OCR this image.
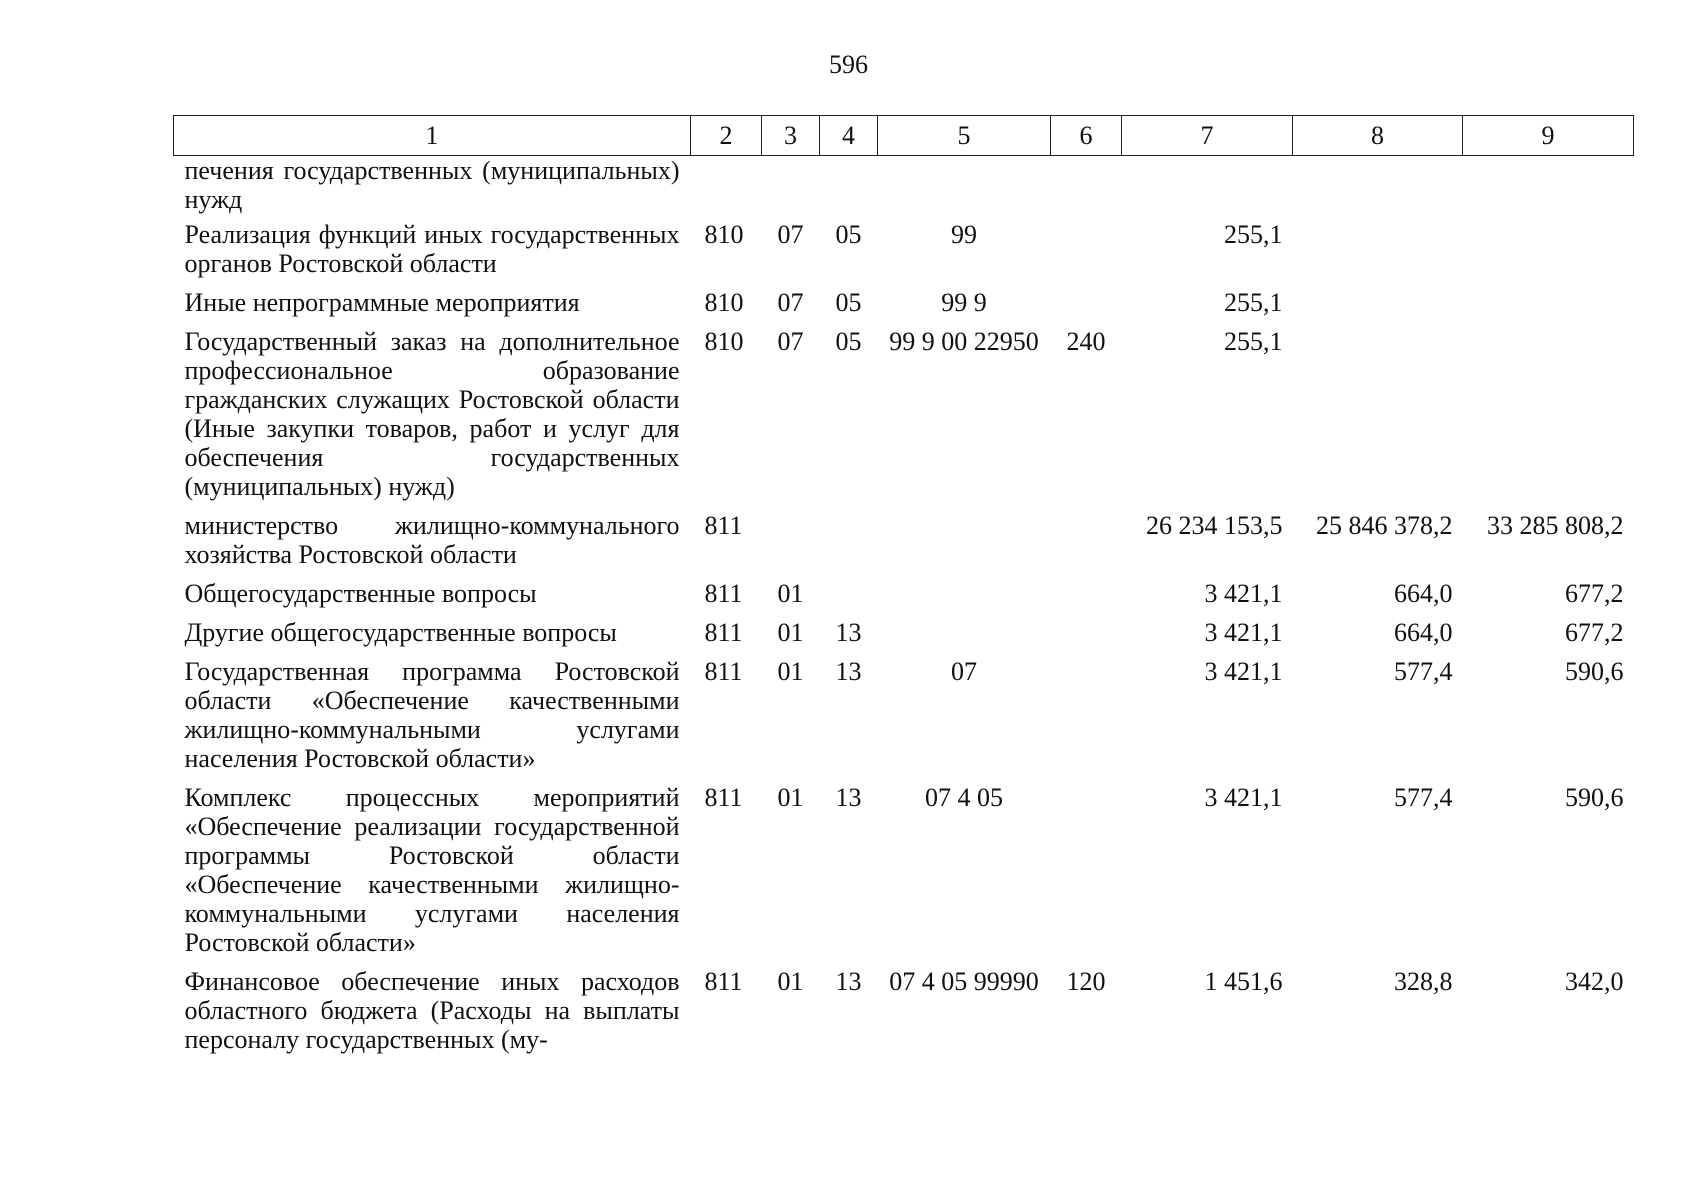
596
1	2	3	4	5	6	7	8	9
печения государственных (муниципальных) нужд								
Реализация функций иных государственных органов Ростовской области	810	07	05	99		255,1		
Иные непрограммные мероприятия	810	07	05	99 9		255,1		
Государственный заказ на дополнительное профессиональное образование гражданских служащих Ростовской области (Иные закупки товаров, работ и услуг для обеспечения государственных (муниципальных) нужд)	810	07	05	99 9 00 22950	240	255,1		
министерство жилищно-коммунального хозяйства Ростовской области	811					26 234 153,5	25 846 378,2	33 285 808,2
Общегосударственные вопросы	811	01				3 421,1	664,0	677,2
Другие общегосударственные вопросы	811	01	13			3 421,1	664,0	677,2
Государственная программа Ростовской области «Обеспечение качественными жилищно-коммунальными услугами населения Ростовской области»	811	01	13	07		3 421,1	577,4	590,6
Комплекс процессных мероприятий «Обеспечение реализации государственной программы Ростовской области «Обеспечение качественными жилищно-коммунальными услугами населения Ростовской области»	811	01	13	07 4 05		3 421,1	577,4	590,6
Финансовое обеспечение иных расходов областного бюджета (Расходы на выплаты персоналу государственных (му-	811	01	13	07 4 05 99990	120	1 451,6	328,8	342,0
